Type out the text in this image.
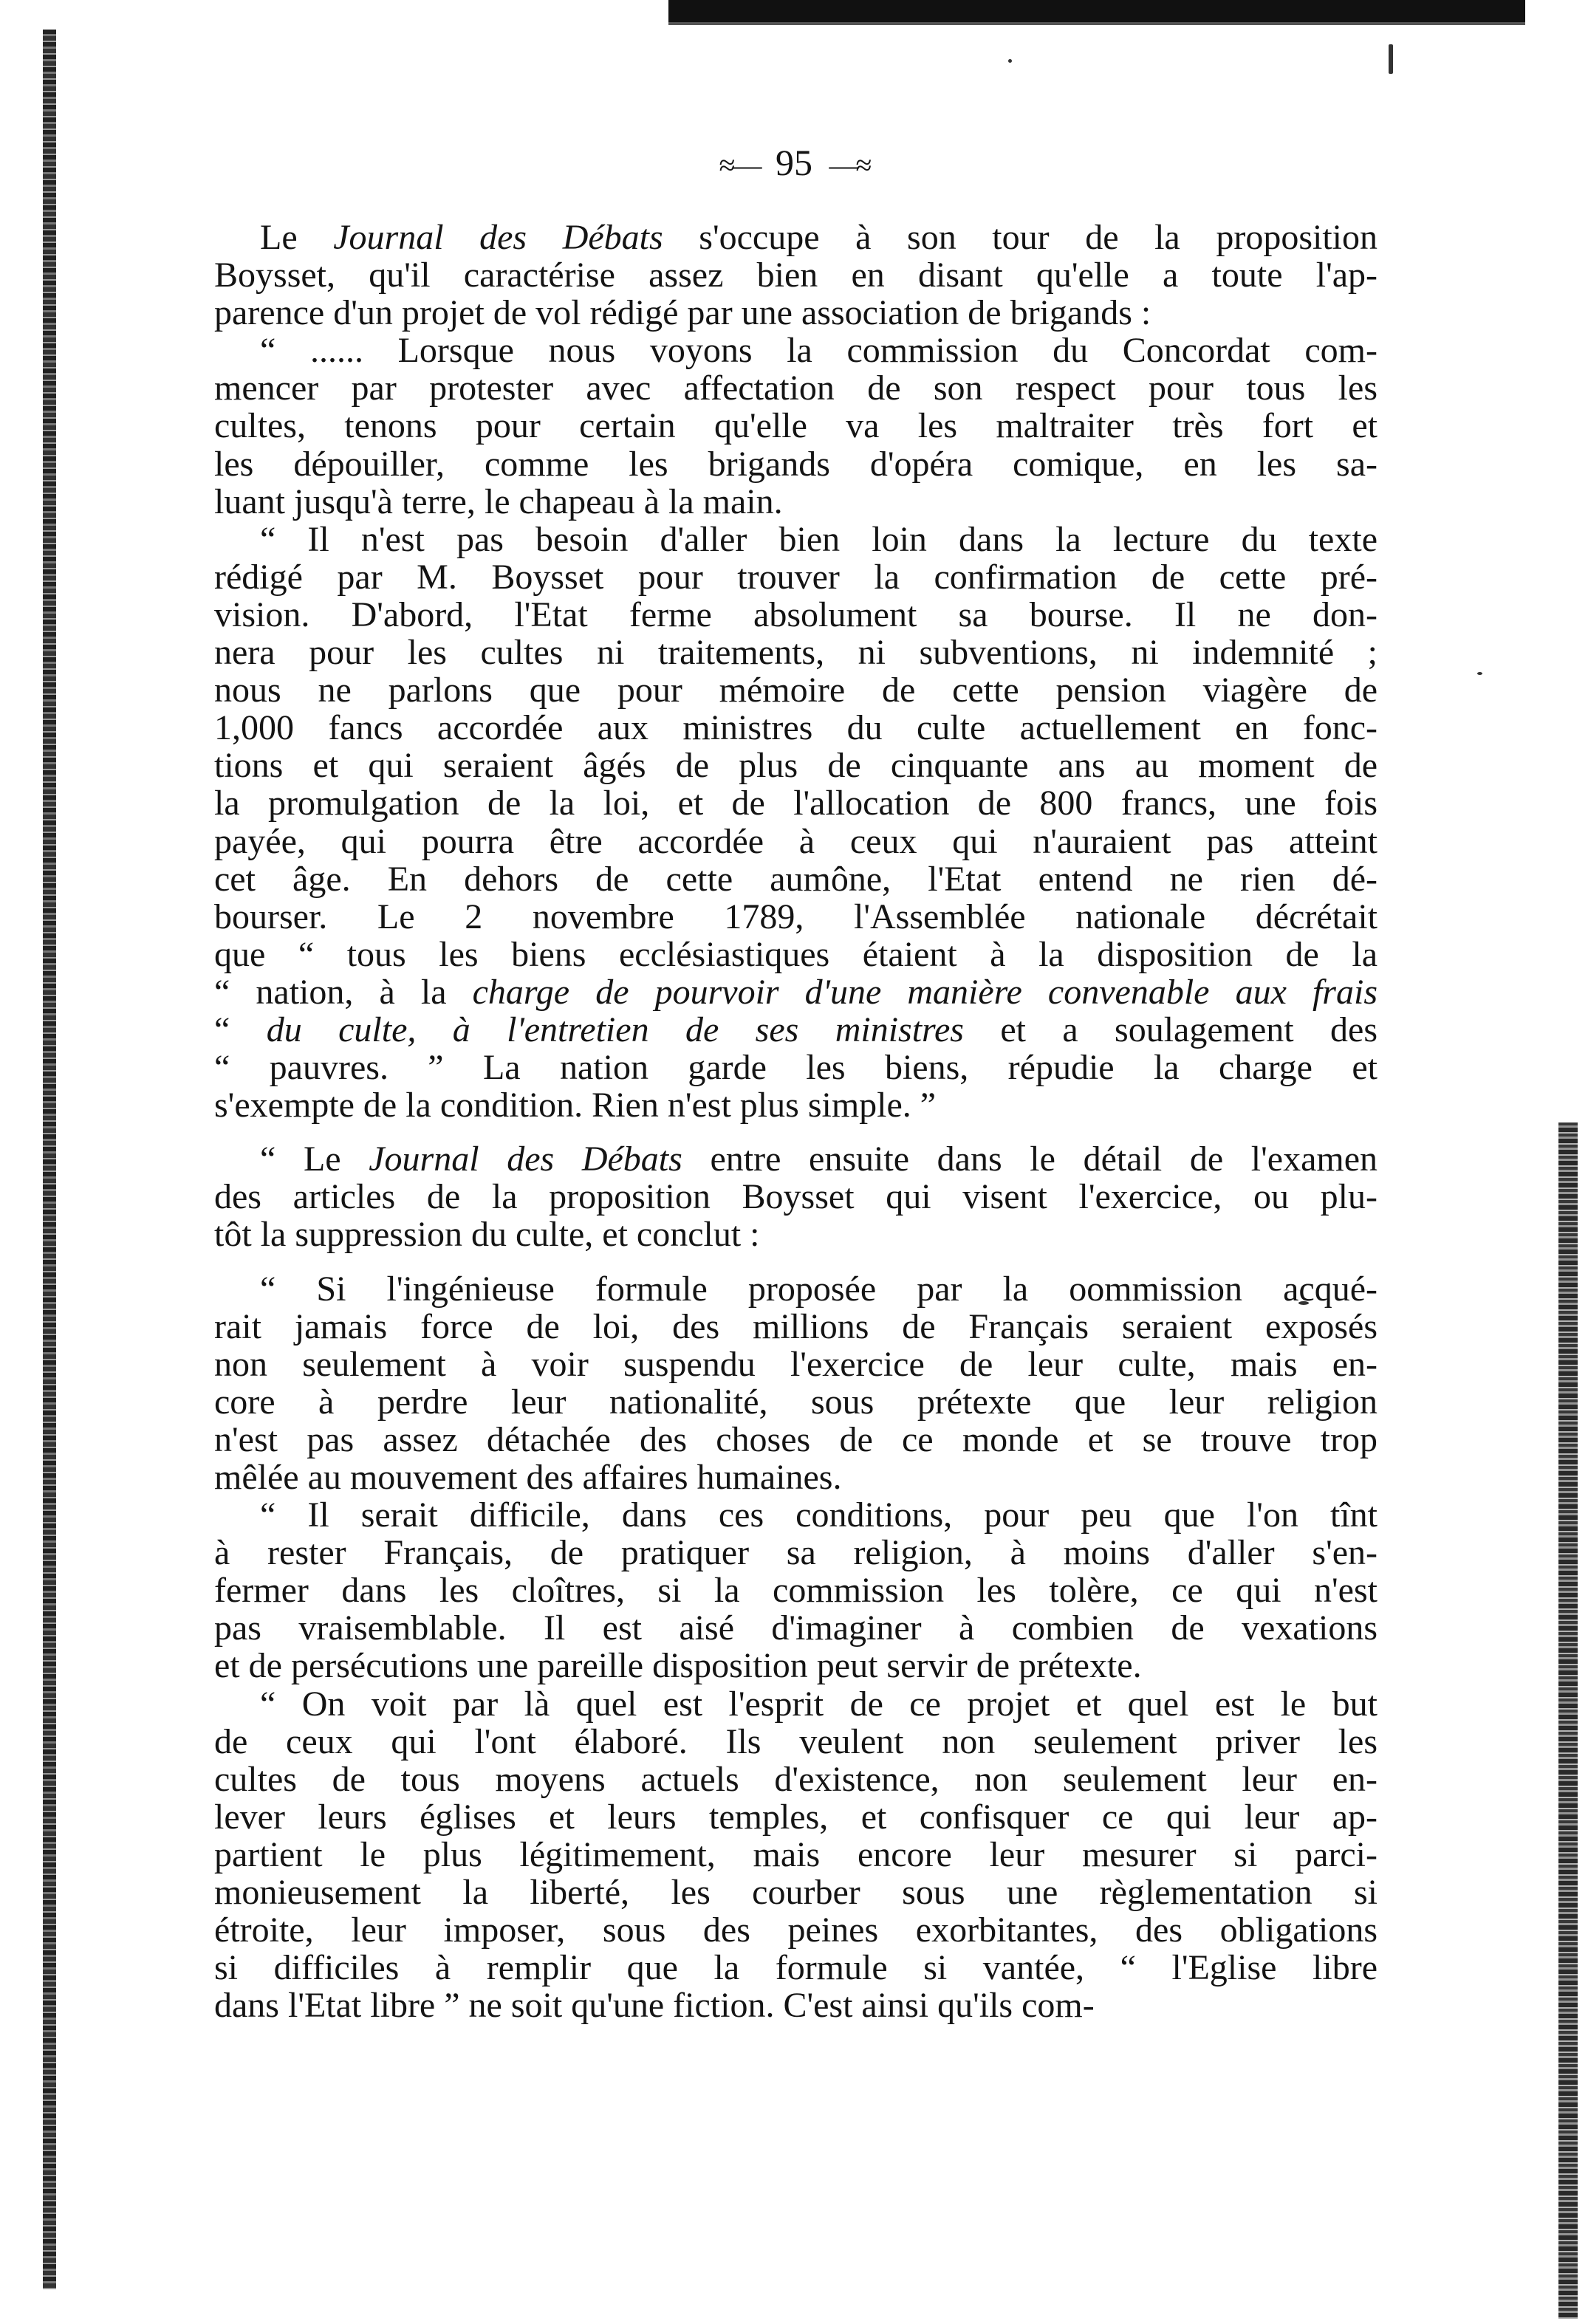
≈— 95 —≈
Le Journal des Débats s'occupe à son tour de la proposition
Boysset, qu'il caractérise assez bien en disant qu'elle a toute l'ap-
parence d'un projet de vol rédigé par une association de brigands :
“ ...... Lorsque nous voyons la commission du Concordat com-
mencer par protester avec affectation de son respect pour tous les
cultes, tenons pour certain qu'elle va les maltraiter très fort et
les dépouiller, comme les brigands d'opéra comique, en les sa-
luant jusqu'à terre, le chapeau à la main.
“ Il n'est pas besoin d'aller bien loin dans la lecture du texte
rédigé par M. Boysset pour trouver la confirmation de cette pré-
vision. D'abord, l'Etat ferme absolument sa bourse. Il ne don-
nera pour les cultes ni traitements, ni subventions, ni indemnité ;
nous ne parlons que pour mémoire de cette pension viagère de
1,000 fancs accordée aux ministres du culte actuellement en fonc-
tions et qui seraient âgés de plus de cinquante ans au moment de
la promulgation de la loi, et de l'allocation de 800 francs, une fois
payée, qui pourra être accordée à ceux qui n'auraient pas atteint
cet âge. En dehors de cette aumône, l'Etat entend ne rien dé-
bourser. Le 2 novembre 1789, l'Assemblée nationale décrétait
que “ tous les biens ecclésiastiques étaient à la disposition de la
“ nation, à la charge de pourvoir d'une manière convenable aux frais
“ du culte, à l'entretien de ses ministres et a soulagement des
“ pauvres. ” La nation garde les biens, répudie la charge et
s'exempte de la condition. Rien n'est plus simple. ”
“ Le Journal des Débats entre ensuite dans le détail de l'examen
des articles de la proposition Boysset qui visent l'exercice, ou plu-
tôt la suppression du culte, et conclut :
“ Si l'ingénieuse formule proposée par la oommission acqué-
rait jamais force de loi, des millions de Français seraient exposés
non seulement à voir suspendu l'exercice de leur culte, mais en-
core à perdre leur nationalité, sous prétexte que leur religion
n'est pas assez détachée des choses de ce monde et se trouve trop
mêlée au mouvement des affaires humaines.
“ Il serait difficile, dans ces conditions, pour peu que l'on tînt
à rester Français, de pratiquer sa religion, à moins d'aller s'en-
fermer dans les cloîtres, si la commission les tolère, ce qui n'est
pas vraisemblable. Il est aisé d'imaginer à combien de vexations
et de persécutions une pareille disposition peut servir de prétexte.
“ On voit par là quel est l'esprit de ce projet et quel est le but
de ceux qui l'ont élaboré. Ils veulent non seulement priver les
cultes de tous moyens actuels d'existence, non seulement leur en-
lever leurs églises et leurs temples, et confisquer ce qui leur ap-
partient le plus légitimement, mais encore leur mesurer si parci-
monieusement la liberté, les courber sous une règlementation si
étroite, leur imposer, sous des peines exorbitantes, des obligations
si difficiles à remplir que la formule si vantée, “ l'Eglise libre
dans l'Etat libre ” ne soit qu'une fiction. C'est ainsi qu'ils com-
